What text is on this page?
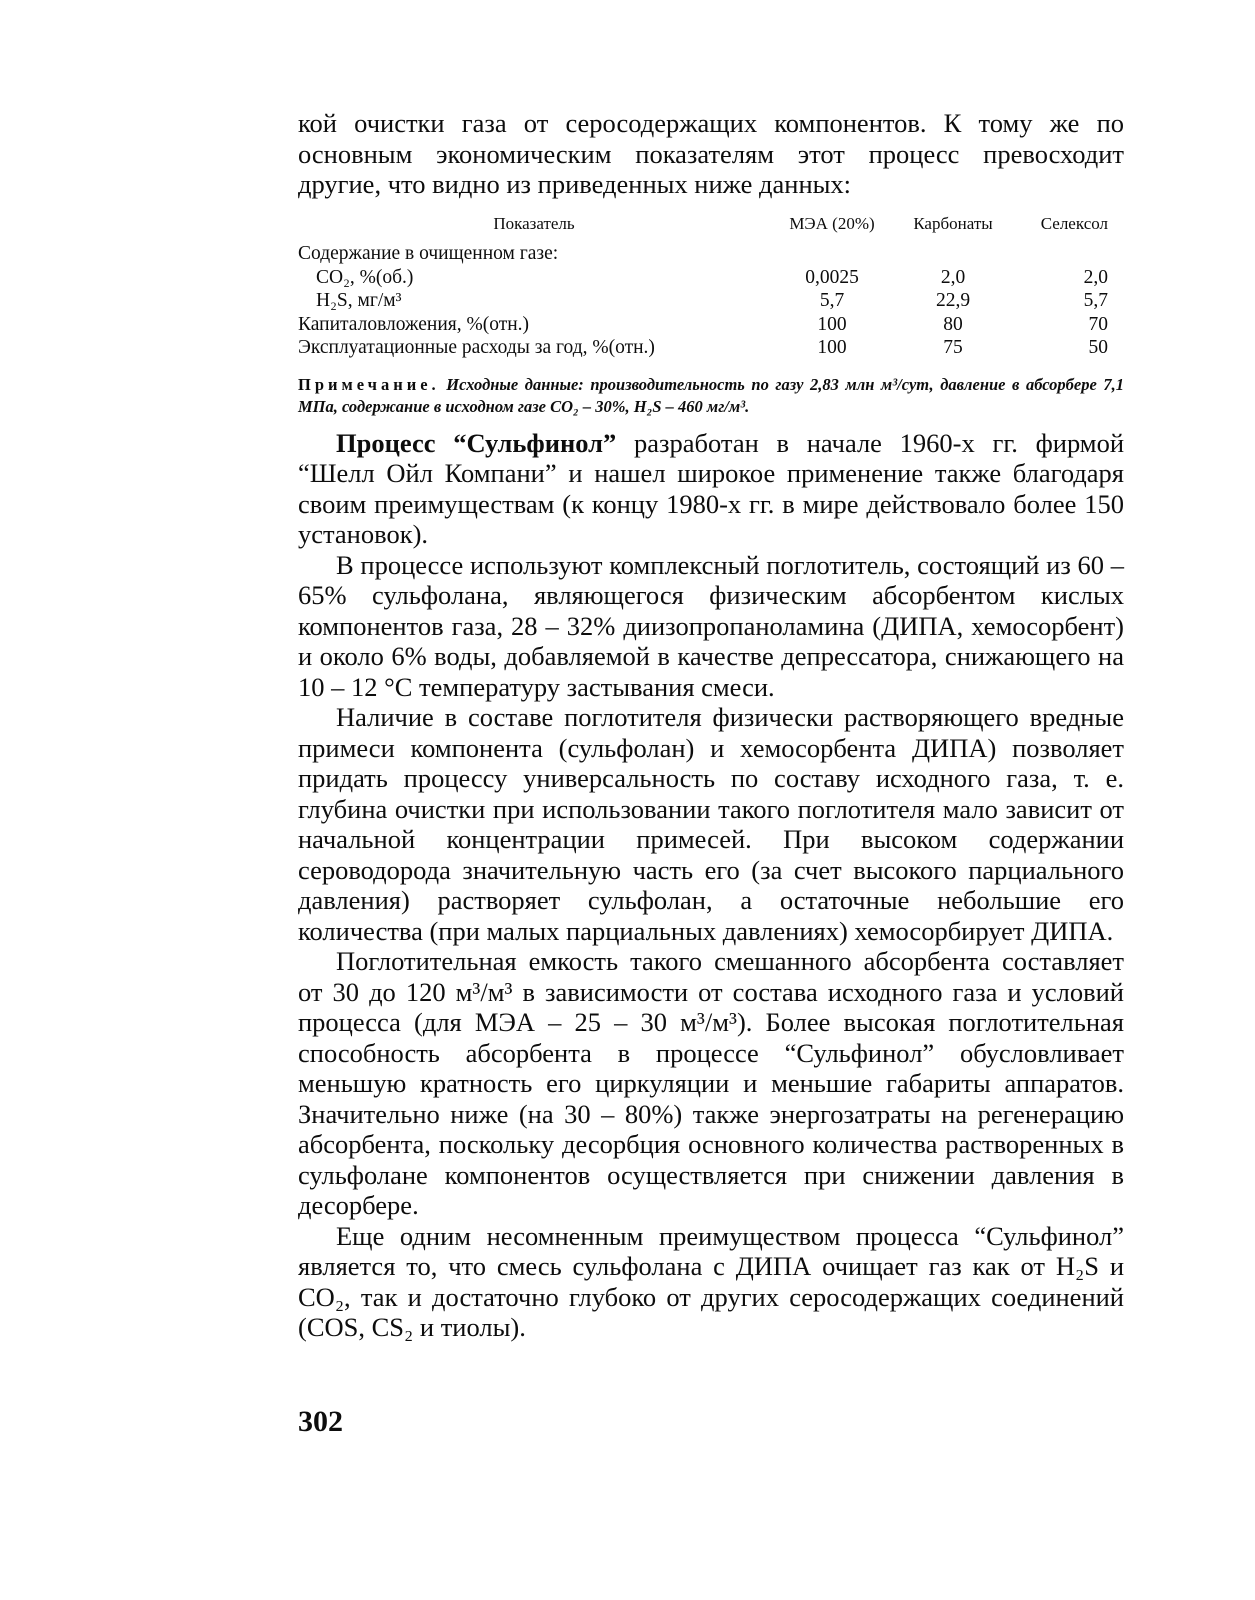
кой очистки газа от серосодержащих компонентов. К тому же по основным экономическим показателям этот процесс превосходит другие, что видно из приведенных ниже данных:

Показатель	МЭА (20%)	Карбонаты	Селексол
Содержание в очищенном газе:			
CO₂, %(об.)	0,0025	2,0	2,0
H₂S, мг/м³	5,7	22,9	5,7
Капиталовложения, %(отн.)	100	80	70
Эксплуатационные расходы за год, %(отн.)	100	75	50

Примечание. Исходные данные: производительность по газу 2,83 млн м³/сут, давление в абсорбере 7,1 МПа, содержание в исходном газе CO₂ – 30%, H₂S – 460 мг/м³.

Процесс “Сульфинол” разработан в начале 1960-х гг. фирмой “Шелл Ойл Компани” и нашел широкое применение также благодаря своим преимуществам (к концу 1980-х гг. в мире действовало более 150 установок).

В процессе используют комплексный поглотитель, состоящий из 60 – 65% сульфолана, являющегося физическим абсорбентом кислых компонентов газа, 28 – 32% диизопропаноламина (ДИПА, хемосорбент) и около 6% воды, добавляемой в качестве депрессатора, снижающего на 10 – 12 °С температуру застывания смеси.

Наличие в составе поглотителя физически растворяющего вредные примеси компонента (сульфолан) и хемосорбента ДИПА) позволяет придать процессу универсальность по составу исходного газа, т. е. глубина очистки при использовании такого поглотителя мало зависит от начальной концентрации примесей. При высоком содержании сероводорода значительную часть его (за счет высокого парциального давления) растворяет сульфолан, а остаточные небольшие его количества (при малых парциальных давлениях) хемосорбирует ДИПА.

Поглотительная емкость такого смешанного абсорбента составляет от 30 до 120 м³/м³ в зависимости от состава исходного газа и условий процесса (для МЭА – 25 – 30 м³/м³). Более высокая поглотительная способность абсорбента в процессе “Сульфинол” обусловливает меньшую кратность его циркуляции и меньшие габариты аппаратов. Значительно ниже (на 30 – 80%) также энергозатраты на регенерацию абсорбента, поскольку десорбция основного количества растворенных в сульфолане компонентов осуществляется при снижении давления в десорбере.

Еще одним несомненным преимуществом процесса “Сульфинол” является то, что смесь сульфолана с ДИПА очищает газ как от H₂S и CO₂, так и достаточно глубоко от других серосодержащих соединений (COS, CS₂ и тиолы).

302
